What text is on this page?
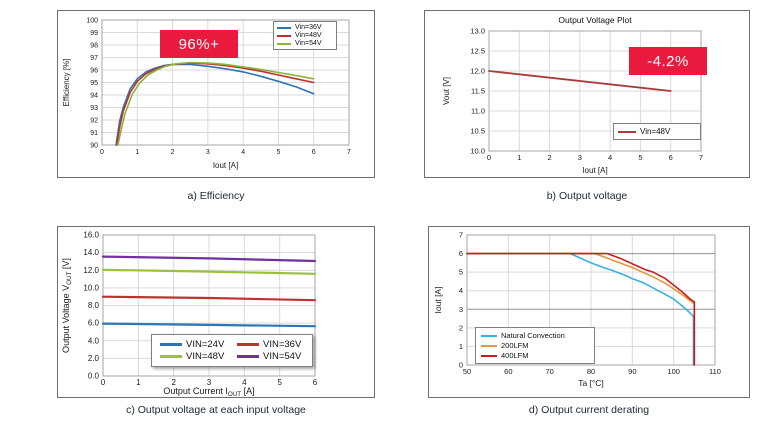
0	1	2	3	4	5	6	7
90
91
92
93
94
95
96
97
98
99
100
Iout [A]
Efficiency [%]
Vin=36V
Vin=48V
Vin=54V
96%+
0	1	2	3	4	5	6	7
10.0
10.5
11.0
11.5
12.0
12.5
13.0
Iout [A]
Vout [V]
Output Voltage Plot
Vin=48V
-4.2%
0	1	2	3	4	5	6
0.0
2.0
4.0
6.0
8.0
10.0
12.0
14.0
16.0
Output Current $I_{OUT}$ [A]
Output Voltage $V_{OUT}$ [V]
VIN=24V	VIN=36V
VIN=48V	VIN=54V
50	60	70	80	90	100	110
0
1
2
3
4
5
6
7
Ta [°C]
Iout [A]
Natural Convection
200LFM
400LFM
a) Efficiency	b) Output voltage
c) Output voltage at each input voltage	d) Output current derating
